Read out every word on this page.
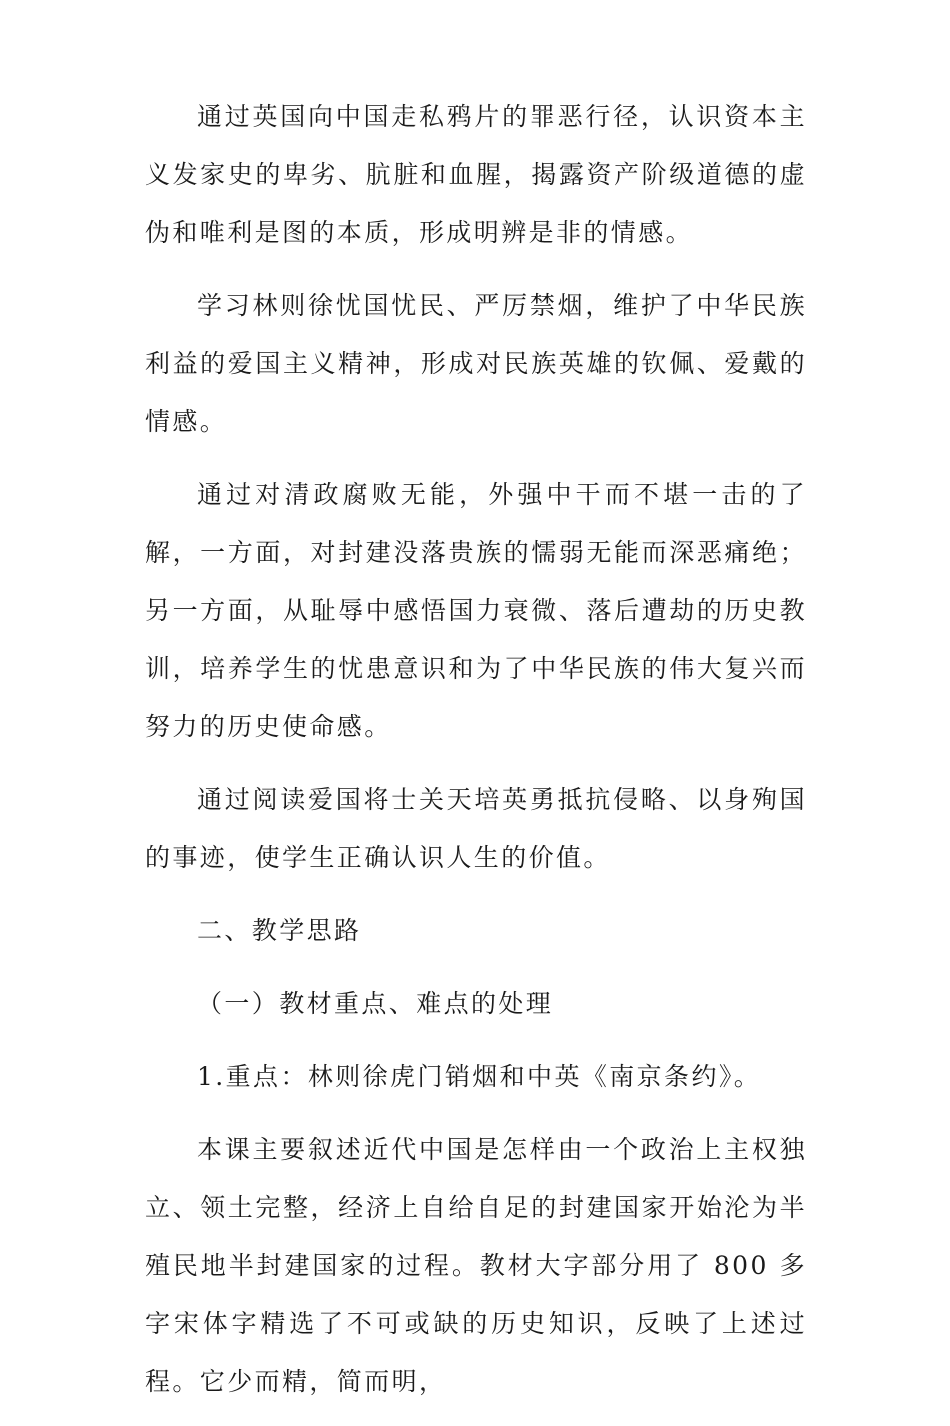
通过英国向中国走私鸦片的罪恶行径，认识资本主义发家史的卑劣、肮脏和血腥，揭露资产阶级道德的虚伪和唯利是图的本质，形成明辨是非的情感。

学习林则徐忧国忧民、严厉禁烟，维护了中华民族利益的爱国主义精神，形成对民族英雄的钦佩、爱戴的情感。

通过对清政腐败无能，外强中干而不堪一击的了解，一方面，对封建没落贵族的懦弱无能而深恶痛绝；另一方面，从耻辱中感悟国力衰微、落后遭劫的历史教训，培养学生的忧患意识和为了中华民族的伟大复兴而努力的历史使命感。

通过阅读爱国将士关天培英勇抵抗侵略、以身殉国的事迹，使学生正确认识人生的价值。

二、教学思路

（一）教材重点、难点的处理

1.重点：林则徐虎门销烟和中英《南京条约》。

本课主要叙述近代中国是怎样由一个政治上主权独立、领土完整，经济上自给自足的封建国家开始沦为半殖民地半封建国家的过程。教材大字部分用了 800 多字宋体字精选了不可或缺的历史知识，反映了上述过程。它少而精，简而明，
